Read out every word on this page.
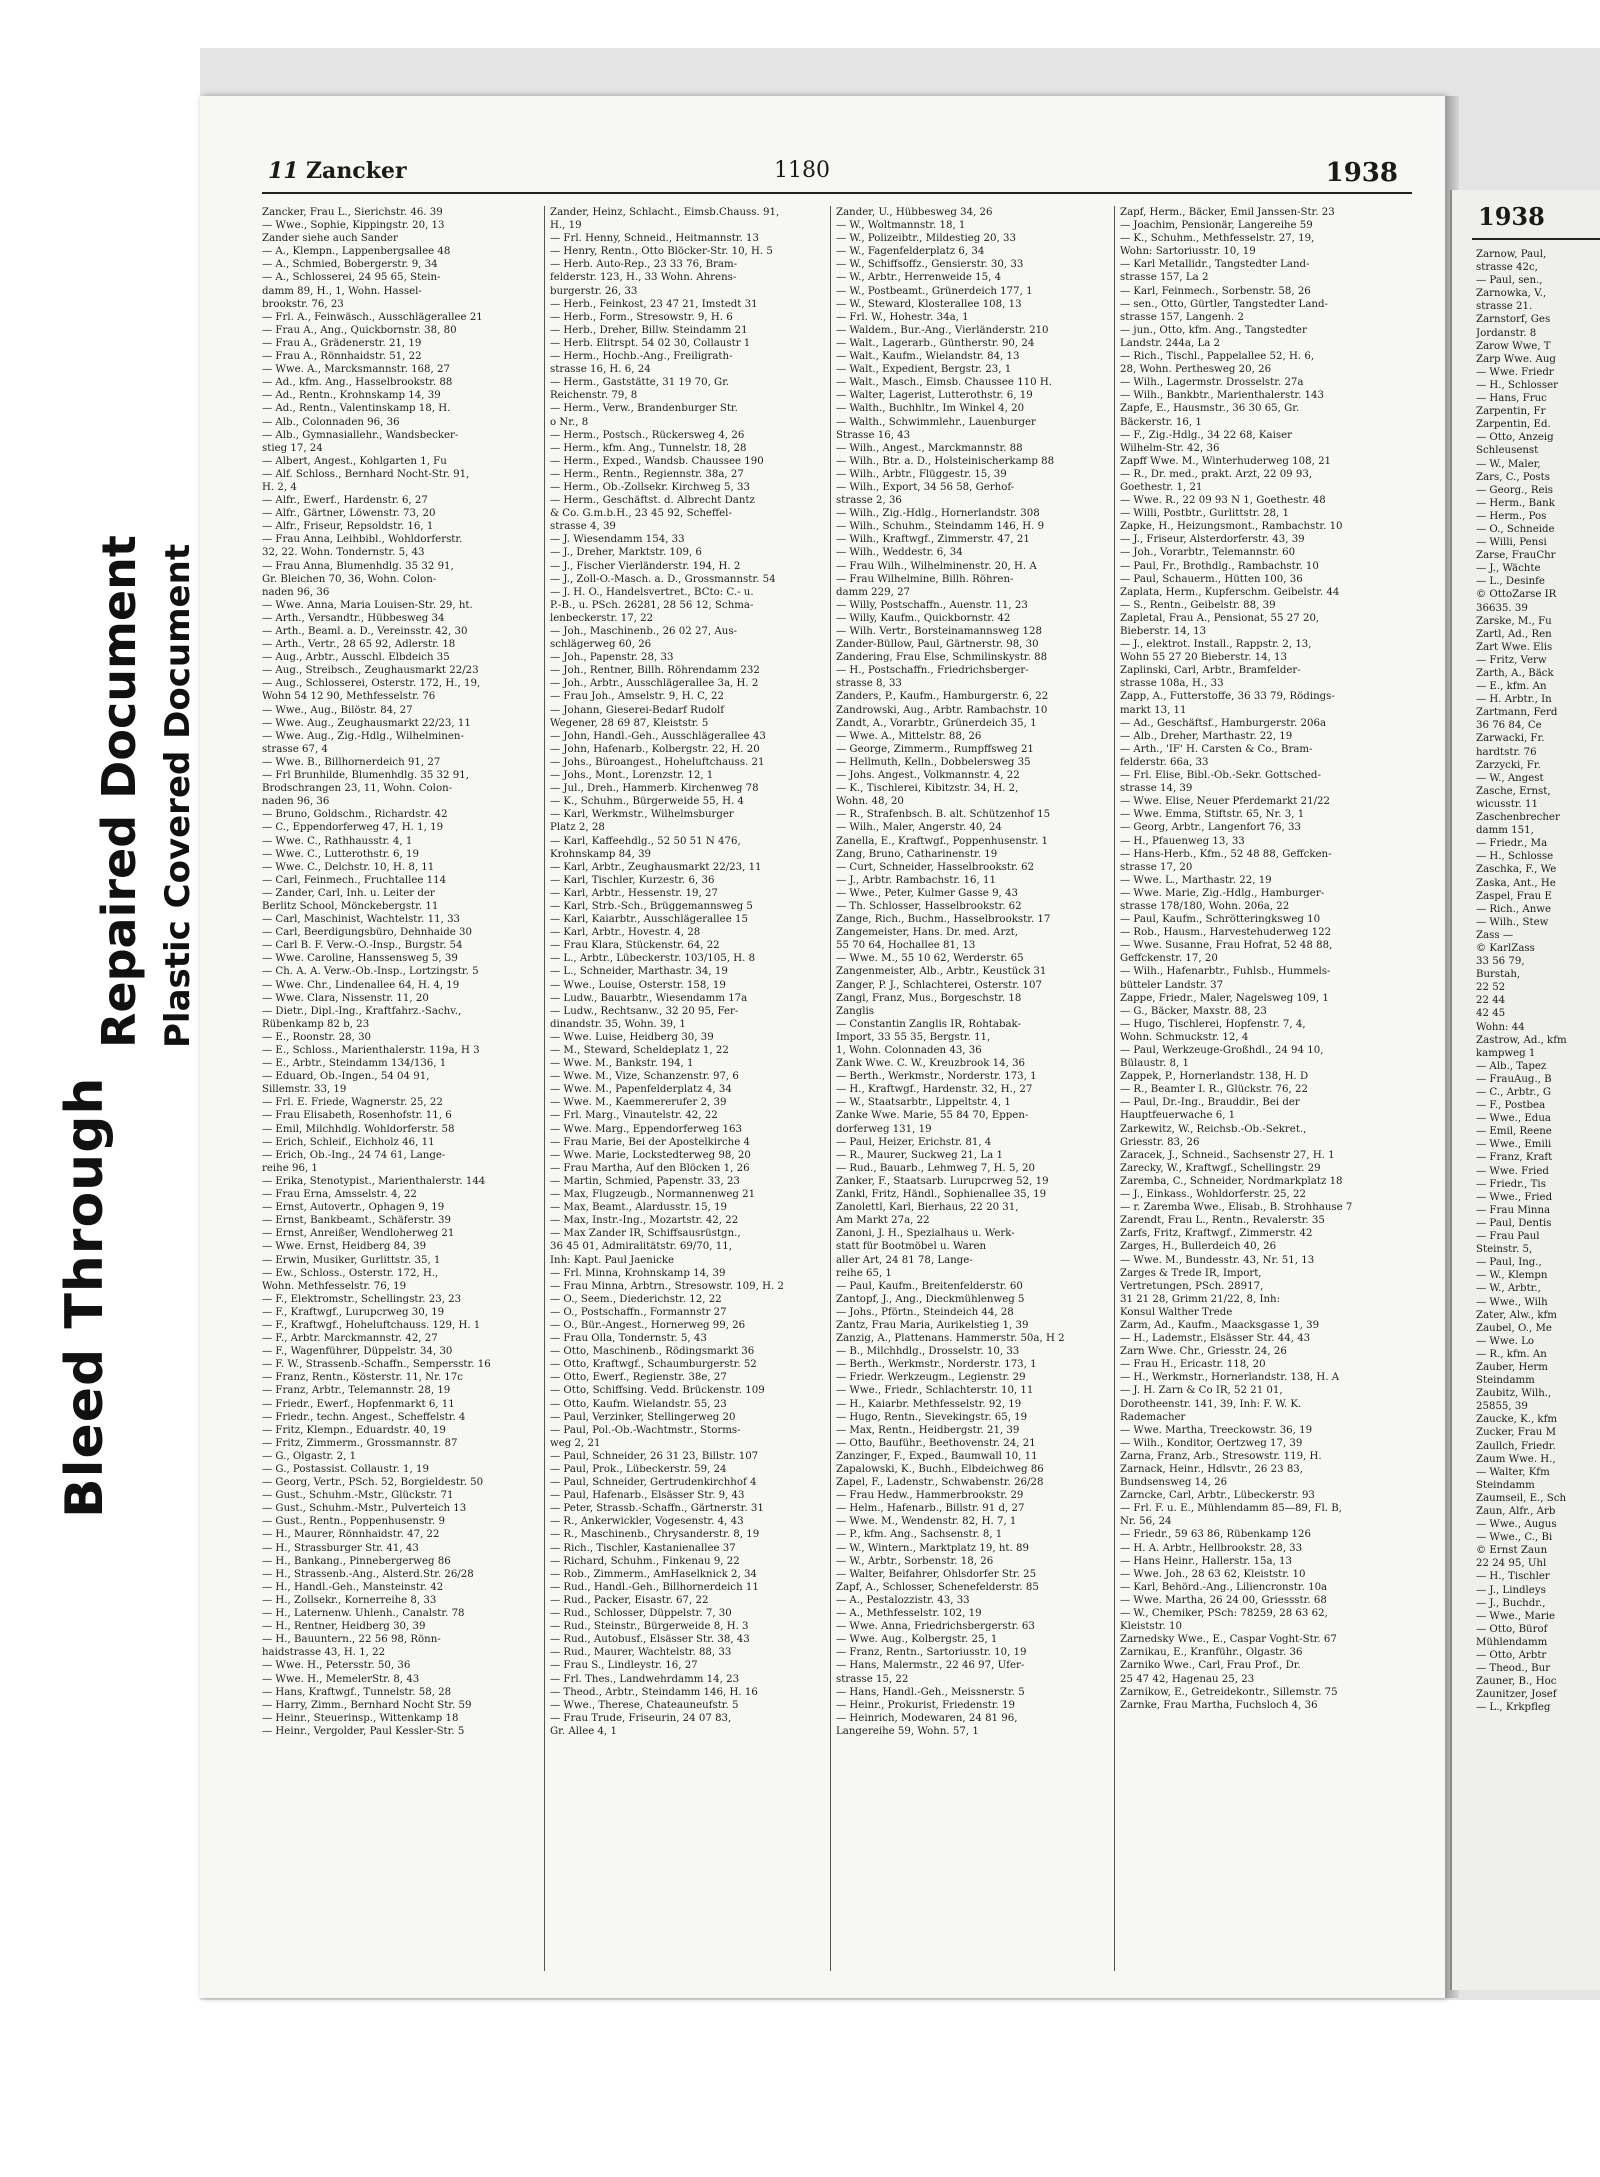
Bleed Through
Repaired Document Plastic Covered Document
11 Zancker	1180	1938
Zancker, Frau L., Sierichstr. 46. 39
— Wwe., Sophie, Kippingstr. 20, 13
Zander siehe auch Sander
— A., Klempn., Lappenbergsallee 48
— A., Schmied, Bobergerstr. 9, 34
— A., Schlosserei, 24 95 65, Stein-
damm 89, H., 1, Wohn. Hassel-
brookstr. 76, 23
— Frl. A., Feinwäsch., Ausschlägerallee 21
— Frau A., Ang., Quickbornstr. 38, 80
— Frau A., Grädenerstr. 21, 19
— Frau A., Rönnhaidstr. 51, 22
— Wwe. A., Marcksmannstr. 168, 27
— Ad., kfm. Ang., Hasselbrookstr. 88
— Ad., Rentn., Krohnskamp 14, 39
— Ad., Rentn., Valentinskamp 18, H.
— Alb., Colonnaden 96, 36
— Alb., Gymnasiallehr., Wandsbecker-
stieg 17, 24
— Albert, Angest., Kohlgarten 1, Fu
— Alf. Schloss., Bernhard Nocht-Str. 91,
H. 2, 4
— Alfr., Ewerf., Hardenstr. 6, 27
— Alfr., Gärtner, Löwenstr. 73, 20
— Alfr., Friseur, Repsoldstr. 16, 1
— Frau Anna, Leihbibl., Wohldorferstr.
32, 22. Wohn. Tondernstr. 5, 43
— Frau Anna, Blumenhdlg. 35 32 91,
Gr. Bleichen 70, 36, Wohn. Colon-
naden 96, 36
— Wwe. Anna, Maria Louisen-Str. 29, ht.
— Arth., Versandtr., Hübbesweg 34
— Arth., Beaml. a. D., Vereinsstr. 42, 30
— Arth., Vertr., 28 65 92, Adlerstr. 18
— Aug., Arbtr., Ausschl. Elbdeich 35
— Aug., Streibsch., Zeughausmarkt 22/23
— Aug., Schlosserei, Osterstr. 172, H., 19,
Wohn 54 12 90, Methfesselstr. 76
— Wwe., Aug., Bilöstr. 84, 27
— Wwe. Aug., Zeughausmarkt 22/23, 11
— Wwe. Aug., Zig.-Hdlg., Wilhelminen-
strasse 67, 4
— Wwe. B., Billhornerdeich 91, 27
— Frl Brunhilde, Blumenhdlg. 35 32 91,
Brodschrangen 23, 11, Wohn. Colon-
naden 96, 36
— Bruno, Goldschm., Richardstr. 42
— C., Eppendorferweg 47, H. 1, 19
— Wwe. C., Rathhausstr. 4, 1
— Wwe. C., Lutterothstr. 6, 19
— Wwe. C., Delchstr. 10, H. 8, 11
— Carl, Feinmech., Fruchtallee 114
— Zander, Carl, Inh. u. Leiter der
Berlitz School, Mönckebergstr. 11
— Carl, Maschinist, Wachtelstr. 11, 33
— Carl, Beerdigungsbüro, Dehnhaide 30
— Carl B. F. Verw.-O.-Insp., Burgstr. 54
— Wwe. Caroline, Hanssensweg 5, 39
— Ch. A. A. Verw.-Ob.-Insp., Lortzingstr. 5
— Wwe. Chr., Lindenallee 64, H. 4, 19
— Wwe. Clara, Nissenstr. 11, 20
— Dietr., Dipl.-Ing., Kraftfahrz.-Sachv.,
Rübenkamp 82 b, 23
— E., Roonstr. 28, 30
— E., Schloss., Marienthalerstr. 119a, H 3
— E., Arbtr., Steindamm 134/136, 1
— Eduard, Ob.-Ingen., 54 04 91,
Sillemstr. 33, 19
— Frl. E. Friede, Wagnerstr. 25, 22
— Frau Elisabeth, Rosenhofstr. 11, 6
— Emil, Milchhdlg. Wohldorferstr. 58
— Erich, Schleif., Eichholz 46, 11
— Erich, Ob.-Ing., 24 74 61, Lange-
reihe 96, 1
— Erika, Stenotypist., Marienthalerstr. 144
— Frau Erna, Amsselstr. 4, 22
— Ernst, Autovertr., Ophagen 9, 19
— Ernst, Bankbeamt., Schäferstr. 39
— Ernst, Anreißer, Wendloherweg 21
— Wwe. Ernst, Heidberg 84, 39
— Erwin, Musiker, Gurlittstr. 35, 1
— Ew., Schloss., Osterstr. 172, H.,
Wohn. Methfesselstr. 76, 19
— F., Elektromstr., Schellingstr. 23, 23
— F., Kraftwgf., Lurupcrweg 30, 19
— F., Kraftwgf., Hoheluftchauss. 129, H. 1
— F., Arbtr. Marckmannstr. 42, 27
— F., Wagenführer, Düppelstr. 34, 30
— F. W., Strassenb.-Schaffn., Sempersstr. 16
— Franz, Rentn., Kösterstr. 11, Nr. 17c
— Franz, Arbtr., Telemannstr. 28, 19
— Friedr., Ewerf., Hopfenmarkt 6, 11
— Friedr., techn. Angest., Scheffelstr. 4
— Fritz, Klempn., Eduardstr. 40, 19
— Fritz, Zimmerm., Grossmannstr. 87
— G., Olgastr. 2, 1
— G., Postassist. Collaustr. 1, 19
— Georg, Vertr., PSch. 52, Borgieldestr. 50
— Gust., Schuhm.-Mstr., Glückstr. 71
— Gust., Schuhm.-Mstr., Pulverteich 13
— Gust., Rentn., Poppenhusenstr. 9
— H., Maurer, Rönnhaidstr. 47, 22
— H., Strassburger Str. 41, 43
— H., Bankang., Pinnebergerweg 86
— H., Strassenb.-Ang., Alsterd.Str. 26/28
— H., Handl.-Geh., Mansteinstr. 42
— H., Zollsekr., Kornerreihe 8, 33
— H., Laternenw. Uhlenh., Canalstr. 78
— H., Rentner, Heidberg 30, 39
— H., Bauuntern., 22 56 98, Rönn-
haidstrasse 43, H. 1, 22
— Wwe. H., Petersstr. 50, 36
— Wwe. H., MemelerStr. 8, 43
— Hans, Kraftwgf., Tunnelstr. 58, 28
— Harry, Zimm., Bernhard Nocht Str. 59
— Heinr., Steuerinsp., Wittenkamp 18
— Heinr., Vergolder, Paul Kessler-Str. 5
Zander, Heinz, Schlacht., Eimsb.Chauss. 91,
H., 19
— Frl. Henny, Schneid., Heitmannstr. 13
— Henry, Rentn., Otto Blöcker-Str. 10, H. 5
— Herb. Auto-Rep., 23 33 76, Bram-
felderstr. 123, H., 33 Wohn. Ahrens-
burgerstr. 26, 33
— Herb., Feinkost, 23 47 21, Imstedt 31
— Herb., Form., Stresowstr. 9, H. 6
— Herb., Dreher, Billw. Steindamm 21
— Herb. Elitrspt. 54 02 30, Collaustr 1
— Herm., Hochb.-Ang., Freiligrath-
strasse 16, H. 6, 24
— Herm., Gaststätte, 31 19 70, Gr.
Reichenstr. 79, 8
— Herm., Verw., Brandenburger Str.
o Nr., 8
— Herm., Postsch., Rückersweg 4, 26
— Herm., kfm. Ang., Tunnelstr. 18, 28
— Herm., Exped., Wandsb. Chaussee 190
— Herm., Rentn., Regiennstr. 38a, 27
— Herm., Ob.-Zollsekr. Kirchweg 5, 33
— Herm., Geschäftst. d. Albrecht Dantz
& Co. G.m.b.H., 23 45 92, Scheffel-
strasse 4, 39
— J. Wiesendamm 154, 33
— J., Dreher, Marktstr. 109, 6
— J., Fischer Vierländerstr. 194, H. 2
— J., Zoll-O.-Masch. a. D., Grossmannstr. 54
— J. H. O., Handelsvertret., BCto: C.- u.
P.-B., u. PSch. 26281, 28 56 12, Schma-
lenbeckerstr. 17, 22
— Joh., Maschinenb., 26 02 27, Aus-
schlägerweg 60, 26
— Joh., Papenstr. 28, 33
— Joh., Rentner, Billh. Röhrendamm 232
— Joh., Arbtr., Ausschlägerallee 3a, H. 2
— Frau Joh., Amselstr. 9, H. C, 22
— Johann, Gieserei-Bedarf Rudolf
Wegener, 28 69 87, Kleiststr. 5
— John, Handl.-Geh., Ausschlägerallee 43
— John, Hafenarb., Kolbergstr. 22, H. 20
— Johs., Büroangest., Hoheluftchauss. 21
— Johs., Mont., Lorenzstr. 12, 1
— Jul., Dreh., Hammerb. Kirchenweg 78
— K., Schuhm., Bürgerweide 55, H. 4
— Karl, Werkmstr., Wilhelmsburger
Platz 2, 28
— Karl, Kaffeehdlg., 52 50 51 N 476,
Krohnskamp 84, 39
— Karl, Arbtr., Zeughausmarkt 22/23, 11
— Karl, Tischler, Kurzestr. 6, 36
— Karl, Arbtr., Hessenstr. 19, 27
— Karl, Strb.-Sch., Brüggemannsweg 5
— Karl, Kaiarbtr., Ausschlägerallee 15
— Karl, Arbtr., Hovestr. 4, 28
— Frau Klara, Stückenstr. 64, 22
— L., Arbtr., Lübeckerstr. 103/105, H. 8
— L., Schneider, Marthastr. 34, 19
— Wwe., Louise, Osterstr. 158, 19
— Ludw., Bauarbtr., Wiesendamm 17a
— Ludw., Rechtsanw., 32 20 95, Fer-
dinandstr. 35, Wohn. 39, 1
— Wwe. Luise, Heidberg 30, 39
— M., Steward, Scheldeplatz 1, 22
— Wwe. M., Bankstr. 194, 1
— Wwe. M., Vize, Schanzenstr. 97, 6
— Wwe. M., Papenfelderplatz 4, 34
— Wwe. M., Kaemmererufer 2, 39
— Frl. Marg., Vinautelstr. 42, 22
— Wwe. Marg., Eppendorferweg 163
— Frau Marie, Bei der Apostelkirche 4
— Wwe. Marie, Lockstedterweg 98, 20
— Frau Martha, Auf den Blöcken 1, 26
— Martin, Schmied, Papenstr. 33, 23
— Max, Flugzeugb., Normannenweg 21
— Max, Beamt., Alardusstr. 15, 19
— Max, Instr.-Ing., Mozartstr. 42, 22
— Max Zander IR, Schiffsausrüstgn.,
36 45 01, Admiralitätstr. 69/70, 11,
Inh: Kapt. Paul Jaenicke
— Frl. Minna, Krohnskamp 14, 39
— Frau Minna, Arbtrn., Stresowstr. 109, H. 2
— O., Seem., Diederichstr. 12, 22
— O., Postschaffn., Formannstr 27
— O., Bür.-Angest., Hornerweg 99, 26
— Frau Olla, Tondernstr. 5, 43
— Otto, Maschinenb., Rödingsmarkt 36
— Otto, Kraftwgf., Schaumburgerstr. 52
— Otto, Ewerf., Regienstr. 38e, 27
— Otto, Schiffsing. Vedd. Brückenstr. 109
— Otto, Kaufm. Wielandstr. 55, 23
— Paul, Verzinker, Stellingerweg 20
— Paul, Pol.-Ob.-Wachtmstr., Storms-
weg 2, 21
— Paul, Schneider, 26 31 23, Billstr. 107
— Paul, Prok., Lübeckerstr. 59, 24
— Paul, Schneider, Gertrudenkirchhof 4
— Paul, Hafenarb., Elsässer Str. 9, 43
— Peter, Strassb.-Schaffn., Gärtnerstr. 31
— R., Ankerwickler, Vogesenstr. 4, 43
— R., Maschinenb., Chrysanderstr. 8, 19
— Rich., Tischler, Kastanienallee 37
— Richard, Schuhm., Finkenau 9, 22
— Rob., Zimmerm., AmHaselknick 2, 34
— Rud., Handl.-Geh., Billhornerdeich 11
— Rud., Packer, Eisastr. 67, 22
— Rud., Schlosser, Düppelstr. 7, 30
— Rud., Steinstr., Bürgerweide 8, H. 3
— Rud., Autobusf., Elsässer Str. 38, 43
— Rud., Maurer, Wachtelstr. 88, 33
— Frau S., Lindleystr. 16, 27
— Frl. Thes., Landwehrdamm 14, 23
— Theod., Arbtr., Steindamm 146, H. 16
— Wwe., Therese, Chateauneufstr. 5
— Frau Trude, Friseurin, 24 07 83,
Gr. Allee 4, 1
Zander, U., Hübbesweg 34, 26
— W., Woltmannstr. 18, 1
— W., Polizeibtr., Mildestieg 20, 33
— W., Fagenfelderplatz 6, 34
— W., Schiffsoffz., Gensierstr. 30, 33
— W., Arbtr., Herrenweide 15, 4
— W., Postbeamt., Grünerdeich 177, 1
— W., Steward, Klosterallee 108, 13
— Frl. W., Hohestr. 34a, 1
— Waldem., Bur.-Ang., Vierländerstr. 210
— Walt., Lagerarb., Güntherstr. 90, 24
— Walt., Kaufm., Wielandstr. 84, 13
— Walt., Expedient, Bergstr. 23, 1
— Walt., Masch., Eimsb. Chaussee 110 H.
— Walter, Lagerist, Lutterothstr. 6, 19
— Walth., Buchhltr., Im Winkel 4, 20
— Walth., Schwimmlehr., Lauenburger
Strasse 16, 43
— Wilh., Angest., Marckmannstr. 88
— Wilh., Btr. a. D., Holsteinischerkamp 88
— Wilh., Arbtr., Flüggestr. 15, 39
— Wilh., Export, 34 56 58, Gerhof-
strasse 2, 36
— Wilh., Zig.-Hdlg., Hornerlandstr. 308
— Wilh., Schuhm., Steindamm 146, H. 9
— Wilh., Kraftwgf., Zimmerstr. 47, 21
— Wilh., Weddestr. 6, 34
— Frau Wilh., Wilhelminenstr. 20, H. A
— Frau Wilhelmine, Billh. Röhren-
damm 229, 27
— Willy, Postschaffn., Auenstr. 11, 23
— Willy, Kaufm., Quickbornstr. 42
— Wilh. Vertr., Borsteinamannsweg 128
Zander-Büllow, Paul, Gärtnerstr. 98, 30
Zandering, Frau Else, Schmilinskystr. 88
— H., Postschaffn., Friedrichsberger-
strasse 8, 33
Zanders, P., Kaufm., Hamburgerstr. 6, 22
Zandrowski, Aug., Arbtr. Rambachstr. 10
Zandt, A., Vorarbtr., Grünerdeich 35, 1
— Wwe. A., Mittelstr. 88, 26
— George, Zimmerm., Rumpffsweg 21
— Hellmuth, Kelln., Dobbelersweg 35
— Johs. Angest., Volkmannstr. 4, 22
— K., Tischlerei, Kibitzstr. 34, H. 2,
Wohn. 48, 20
— R., Strafenbsch. B. alt. Schützenhof 15
— Wilh., Maler, Angerstr. 40, 24
Zanella, E., Kraftwgf., Poppenhusenstr. 1
Zang, Bruno, Catharinenstr. 19
— Curt, Schneider, Hasselbrookstr. 62
— J., Arbtr. Rambachstr. 16, 11
— Wwe., Peter, Kulmer Gasse 9, 43
— Th. Schlosser, Hasselbrookstr. 62
Zange, Rich., Buchm., Hasselbrookstr. 17
Zangemeister, Hans. Dr. med. Arzt,
55 70 64, Hochallee 81, 13
— Wwe. M., 55 10 62, Werderstr. 65
Zangenmeister, Alb., Arbtr., Keustück 31
Zanger, P. J., Schlachterei, Osterstr. 107
Zangl, Franz, Mus., Borgeschstr. 18
Zanglis
— Constantin Zanglis IR, Rohtabak-
Import, 33 55 35, Bergstr. 11,
1, Wohn. Colonnaden 43, 36
Zank Wwe. C. W., Kreuzbrook 14, 36
— Berth., Werkmstr., Norderstr. 173, 1
— H., Kraftwgf., Hardenstr. 32, H., 27
— W., Staatsarbtr., Lippeltstr. 4, 1
Zanke Wwe. Marie, 55 84 70, Eppen-
dorferweg 131, 19
— Paul, Heizer, Erichstr. 81, 4
— R., Maurer, Suckweg 21, La 1
— Rud., Bauarb., Lehmweg 7, H. 5, 20
Zanker, F., Staatsarb. Lurupcrweg 52, 19
Zankl, Fritz, Händl., Sophienallee 35, 19
Zanolettl, Karl, Bierhaus, 22 20 31,
Am Markt 27a, 22
Zanoni, J. H., Spezialhaus u. Werk-
statt für Bootmöbel u. Waren
aller Art, 24 81 78, Lange-
reihe 65, 1
— Paul, Kaufm., Breitenfelderstr. 60
Zantopf, J., Ang., Dieckmühlenweg 5
— Johs., Pförtn., Steindeich 44, 28
Zantz, Frau Maria, Aurikelstieg 1, 39
Zanzig, A., Plattenans. Hammerstr. 50a, H 2
— B., Milchhdlg., Drosselstr. 10, 33
— Berth., Werkmstr., Norderstr. 173, 1
— Friedr. Werkzeugm., Legienstr. 29
— Wwe., Friedr., Schlachterstr. 10, 11
— H., Kaiarbr. Methfesselstr. 92, 19
— Hugo, Rentn., Sievekingstr. 65, 19
— Max, Rentn., Heidbergstr. 21, 39
— Otto, Bauführ., Beethovenstr. 24, 21
Zanzinger, F., Exped., Baumwall 10, 11
Zapalowski, K., Buchh., Elbdeichweg 86
Zapel, F., Ladenstr., Schwabenstr. 26/28
— Frau Hedw., Hammerbrookstr. 29
— Helm., Hafenarb., Billstr. 91 d, 27
— Wwe. M., Wendenstr. 82, H. 7, 1
— P., kfm. Ang., Sachsenstr. 8, 1
— W., Wintern., Marktplatz 19, ht. 89
— W., Arbtr., Sorbenstr. 18, 26
— Walter, Beifahrer, Ohlsdorfer Str. 25
Zapf, A., Schlosser, Schenefelderstr. 85
— A., Pestalozzistr. 43, 33
— A., Methfesselstr. 102, 19
— Wwe. Anna, Friedrichsbergerstr. 63
— Wwe. Aug., Kolbergstr. 25, 1
— Franz, Rentn., Sartoriusstr. 10, 19
— Hans, Malermstr., 22 46 97, Ufer-
strasse 15, 22
— Hans, Handl.-Geh., Meissnerstr. 5
— Heinr., Prokurist, Friedenstr. 19
— Heinrich, Modewaren, 24 81 96,
Langereihe 59, Wohn. 57, 1
Zapf, Herm., Bäcker, Emil Janssen-Str. 23
— Joachim, Pensionär, Langereihe 59
— K., Schuhm., Methfesselstr. 27, 19,
Wohn: Sartoriusstr. 10, 19
— Karl Metallidr., Tangstedter Land-
strasse 157, La 2
— Karl, Feinmech., Sorbenstr. 58, 26
— sen., Otto, Gürtler, Tangstedter Land-
strasse 157, Langenh. 2
— jun., Otto, kfm. Ang., Tangstedter
Landstr. 244a, La 2
— Rich., Tischl., Pappelallee 52, H. 6,
28, Wohn. Perthesweg 20, 26
— Wilh., Lagermstr. Drosselstr. 27a
— Wilh., Bankbtr., Marienthalerstr. 143
Zapfe, E., Hausmstr., 36 30 65, Gr.
Bäckerstr. 16, 1
— F., Zig.-Hdlg., 34 22 68, Kaiser
Wilhelm-Str. 42, 36
Zapff Wwe. M., Winterhuderweg 108, 21
— R., Dr. med., prakt. Arzt, 22 09 93,
Goethestr. 1, 21
— Wwe. R., 22 09 93 N 1, Goethestr. 48
— Willi, Postbtr., Gurlittstr. 28, 1
Zapke, H., Heizungsmont., Rambachstr. 10
— J., Friseur, Alsterdorferstr. 43, 39
— Joh., Vorarbtr., Telemannstr. 60
— Paul, Fr., Brothdlg., Rambachstr. 10
— Paul, Schauerm., Hütten 100, 36
Zaplata, Herm., Kupferschm. Geibelstr. 44
— S., Rentn., Geibelstr. 88, 39
Zapletal, Frau A., Pensionat, 55 27 20,
Bieberstr. 14, 13
— J., elektrot. Install., Rappstr. 2, 13,
Wohn 55 27 20 Bieberstr. 14, 13
Zaplinski, Carl, Arbtr., Bramfelder-
strasse 108a, H., 33
Zapp, A., Futterstoffe, 36 33 79, Rödings-
markt 13, 11
— Ad., Geschäftsf., Hamburgerstr. 206a
— Alb., Dreher, Marthastr. 22, 19
— Arth., 'IF' H. Carsten & Co., Bram-
felderstr. 66a, 33
— Frl. Elise, Bibl.-Ob.-Sekr. Gottsched-
strasse 14, 39
— Wwe. Elise, Neuer Pferdemarkt 21/22
— Wwe. Emma, Stiftstr. 65, Nr. 3, 1
— Georg, Arbtr., Langenfort 76, 33
— H., Pfauenweg 13, 33
— Hans-Herb., Kfm., 52 48 88, Geffcken-
strasse 17, 20
— Wwe. L., Marthastr. 22, 19
— Wwe. Marie, Zig.-Hdlg., Hamburger-
strasse 178/180, Wohn. 206a, 22
— Paul, Kaufm., Schrötteringksweg 10
— Rob., Hausm., Harvestehuderweg 122
— Wwe. Susanne, Frau Hofrat, 52 48 88,
Geffckenstr. 17, 20
— Wilh., Hafenarbtr., Fuhlsb., Hummels-
bütteler Landstr. 37
Zappe, Friedr., Maler, Nagelsweg 109, 1
— G., Bäcker, Maxstr. 88, 23
— Hugo, Tischlerei, Hopfenstr. 7, 4,
Wohn. Schmuckstr. 12, 4
— Paul, Werkzeuge-Großhdl., 24 94 10,
Bülaustr. 8, 1
Zappek, P., Hornerlandstr. 138, H. D
— R., Beamter I. R., Glückstr. 76, 22
— Paul, Dr.-Ing., Brauddir., Bei der
Hauptfeuerwache 6, 1
Zarkewitz, W., Reichsb.-Ob.-Sekret.,
Griesstr. 83, 26
Zaracek, J., Schneid., Sachsenstr 27, H. 1
Zarecky, W., Kraftwgf., Schellingstr. 29
Zaremba, C., Schneider, Nordmarkplatz 18
— J., Einkass., Wohldorferstr. 25, 22
— r. Zaremba Wwe., Elisab., B. Strohhause 7
Zarendt, Frau L., Rentn., Revalerstr. 35
Zarfs, Fritz, Kraftwgf., Zimmerstr. 42
Zarges, H., Bullerdeich 40, 26
— Wwe. M., Bundesstr. 43, Nr. 51, 13
Zarges & Trede IR, Import,
Vertretungen, PSch. 28917,
31 21 28, Grimm 21/22, 8, Inh:
Konsul Walther Trede
Zarm, Ad., Kaufm., Maacksgasse 1, 39
— H., Lademstr., Elsässer Str. 44, 43
Zarn Wwe. Chr., Griesstr. 24, 26
— Frau H., Ericastr. 118, 20
— H., Werkmstr., Hornerlandstr. 138, H. A
— J. H. Zarn & Co IR, 52 21 01,
Dorotheenstr. 141, 39, Inh: F. W. K.
Rademacher
— Wwe. Martha, Treeckowstr. 36, 19
— Wilh., Konditor, Oertzweg 17, 39
Zarna, Franz, Arb., Stresowstr. 119, H.
Zarnack, Heinr., Hdlsvtr., 26 23 83,
Bundsensweg 14, 26
Zarncke, Carl, Arbtr., Lübeckerstr. 93
— Frl. F. u. E., Mühlendamm 85—89, Fl. B,
Nr. 56, 24
— Friedr., 59 63 86, Rübenkamp 126
— H. A. Arbtr., Hellbrookstr. 28, 33
— Hans Heinr., Hallerstr. 15a, 13
— Wwe. Joh., 28 63 62, Kleiststr. 10
— Karl, Behörd.-Ang., Liliencronstr. 10a
— Wwe. Martha, 26 24 00, Griessstr. 68
— W., Chemiker, PSch: 78259, 28 63 62,
Kleiststr. 10
Zarnedsky Wwe., E., Caspar Voght-Str. 67
Zarnikau, E., Kranführ., Olgastr. 36
Zarniko Wwe., Carl, Frau Prof., Dr.
25 47 42, Hagenau 25, 23
Zarnikow, E., Getreidekontr., Sillemstr. 75
Zarnke, Frau Martha, Fuchsloch 4, 36
1938
Zarnow, Paul,
strasse 42c,
— Paul, sen.,
Zarnowka, V.,
strasse 21.
Zarnstorf, Ges
Jordanstr. 8
Zarow Wwe, T
Zarp Wwe. Aug
— Wwe. Friedr
— H., Schlosser
— Hans, Fruc
Zarpentin, Fr
Zarpentin, Ed.
— Otto, Anzeig
Schleusenst
— W., Maler,
Zars, C., Posts
— Georg., Reis
— Herm., Bank
— Herm., Pos
— O., Schneide
— Willi, Pensi
Zarse, FrauChr
— J., Wächte
— L., Desinfe
© OttoZarse IR
36635. 39
Zarske, M., Fu
Zartl, Ad., Ren
Zart Wwe. Elis
— Fritz, Verw
Zarth, A., Bäck
— E., kfm. An
— H. Arbtr., In
Zartmann, Ferd
36 76 84, Ce
Zarwacki, Fr.
hardtstr. 76
Zarzycki, Fr.
— W., Angest
Zasche, Ernst,
wicusstr. 11
Zaschenbrecher
damm 151,
— Friedr., Ma
— H., Schlosse
Zaschka, F., We
Zaska, Ant., He
Zaspel, Frau E
— Rich., Anwe
— Wilh., Stew
Zass —
© KarlZass
33 56 79,
Burstah,
22 52
22 44
42 45
Wohn: 44
Zastrow, Ad., kfm
kampweg 1
— Alb., Tapez
— FrauAug., B
— C., Arbtr., G
— F., Postbea
— Wwe., Edua
— Emil, Reene
— Wwe., Emili
— Franz, Kraft
— Wwe. Fried
— Friedr., Tis
— Wwe., Fried
— Frau Minna
— Paul, Dentis
— Frau Paul
Steinstr. 5,
— Paul, Ing.,
— W., Klempn
— W., Arbtr.,
— Wwe., Wilh
Zater, Alw., kfm
Zaubel, O., Me
— Wwe. Lo
— R., kfm. An
Zauber, Herm
Steindamm
Zaubitz, Wilh.,
25855, 39
Zaucke, K., kfm
Zucker, Frau M
Zaullch, Friedr.
Zaum Wwe. H.,
— Walter, Kfm
Steindamm
Zaumseil, E., Sch
Zaun, Alfr., Arb
— Wwe., Augus
— Wwe., C., Bi
© Ernst Zaun
22 24 95, Uhl
— H., Tischler
— J., Lindleys
— J., Buchdr.,
— Wwe., Marie
— Otto, Bürof
Mühlendamm
— Otto, Arbtr
— Theod., Bur
Zauner, B., Hoc
Zaunitzer, Josef
— L., Krkpfleg
